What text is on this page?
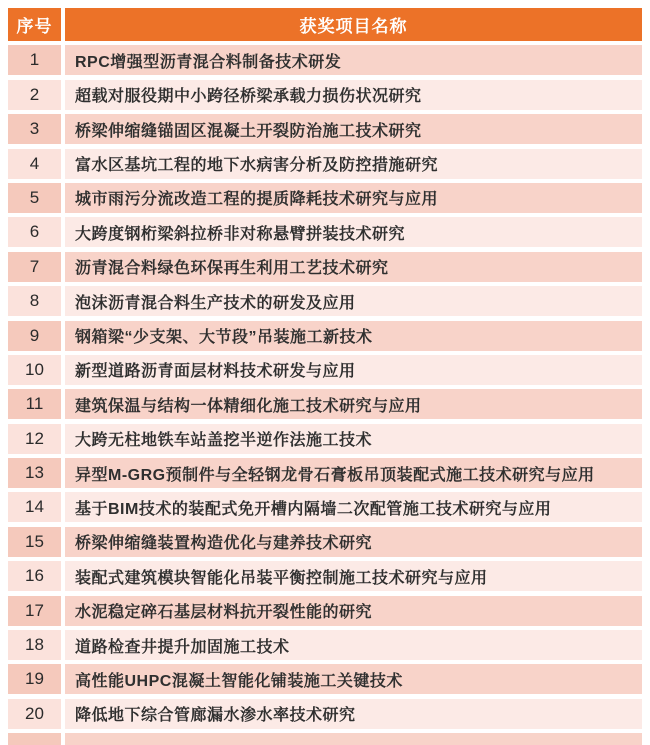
序号	获奖项目名称
1	RPC增强型沥青混合料制备技术研发
2	超载对服役期中小跨径桥梁承载力损伤状况研究
3	桥梁伸缩缝锚固区混凝土开裂防治施工技术研究
4	富水区基坑工程的地下水病害分析及防控措施研究
5	城市雨污分流改造工程的提质降耗技术研究与应用
6	大跨度钢桁梁斜拉桥非对称悬臂拼装技术研究
7	沥青混合料绿色环保再生利用工艺技术研究
8	泡沫沥青混合料生产技术的研发及应用
9	钢箱梁“少支架、大节段”吊装施工新技术
10	新型道路沥青面层材料技术研发与应用
11	建筑保温与结构一体精细化施工技术研究与应用
12	大跨无柱地铁车站盖挖半逆作法施工技术
13	异型M-GRG预制件与全轻钢龙骨石膏板吊顶装配式施工技术研究与应用
14	基于BIM技术的装配式免开槽内隔墙二次配管施工技术研究与应用
15	桥梁伸缩缝装置构造优化与建养技术研究
16	装配式建筑模块智能化吊装平衡控制施工技术研究与应用
17	水泥稳定碎石基层材料抗开裂性能的研究
18	道路检查井提升加固施工技术
19	高性能UHPC混凝土智能化铺装施工关键技术
20	降低地下综合管廊漏水渗水率技术研究
